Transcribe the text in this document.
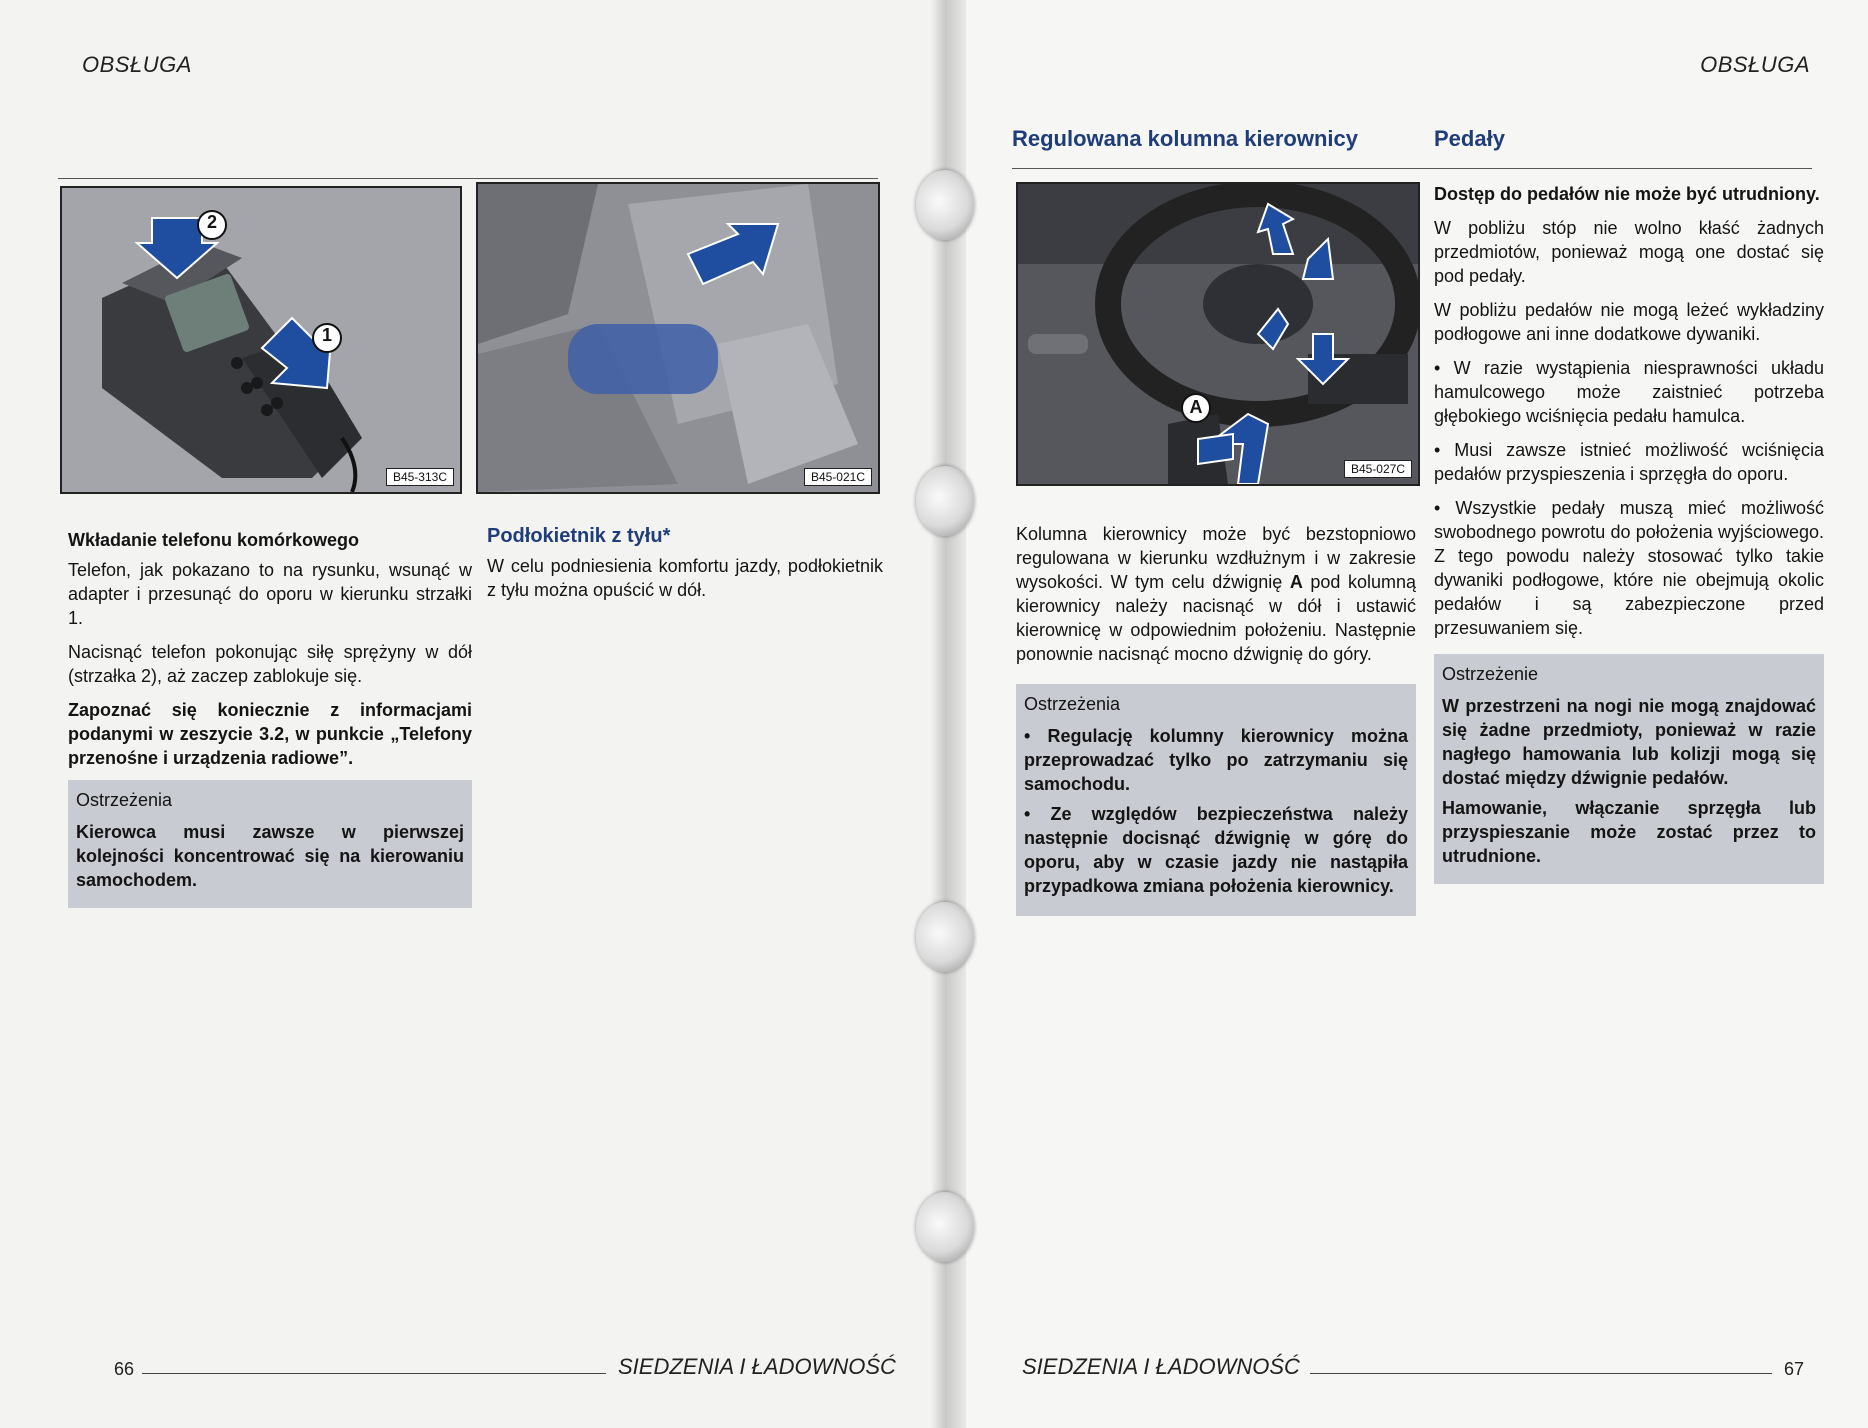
OBSŁUGA
2
1
B45-313C	B45-021C
Wkładanie telefonu komórkowego

Telefon, jak pokazano to na rysunku, wsunąć w adapter i przesunąć do oporu w kierunku strzałki 1.

Nacisnąć telefon pokonując siłę sprężyny w dół (strzałka 2), aż zaczep zablokuje się.

Zapoznać się koniecznie z informacjami podanymi w zeszycie 3.2, w punkcie „Telefony przenośne i urządzenia radiowe”.

Ostrzeżenia

Kierowca musi zawsze w pierwszej kolejności koncentrować się na kierowaniu samochodem.

Podłokietnik z tyłu*

W celu podniesienia komfortu jazdy, podłokietnik z tyłu można opuścić w dół.

66	SIEDZENIA I ŁADOWNOŚĆ
OBSŁUGA
Regulowana kolumna kierownicy	Pedały
A
B45-027C

Kolumna kierownicy może być bezstopniowo regulowana w kierunku wzdłużnym i w zakresie wysokości. W tym celu dźwignię A pod kolumną kierownicy należy nacisnąć w dół i ustawić kierownicę w odpowiednim położeniu. Następnie ponownie nacisnąć mocno dźwignię do góry.

Ostrzeżenia

• Regulację kolumny kierownicy można przeprowadzać tylko po zatrzymaniu się samochodu.

• Ze względów bezpieczeństwa należy następnie docisnąć dźwignię w górę do oporu, aby w czasie jazdy nie nastąpiła przypadkowa zmiana położenia kierownicy.

Dostęp do pedałów nie może być utrudniony.

W pobliżu stóp nie wolno kłaść żadnych przedmiotów, ponieważ mogą one dostać się pod pedały.

W pobliżu pedałów nie mogą leżeć wykładziny podłogowe ani inne dodatkowe dywaniki.

• W razie wystąpienia niesprawności układu hamulcowego może zaistnieć potrzeba głębokiego wciśnięcia pedału hamulca.

• Musi zawsze istnieć możliwość wciśnięcia pedałów przyspieszenia i sprzęgła do oporu.

• Wszystkie pedały muszą mieć możliwość swobodnego powrotu do położenia wyjściowego. Z tego powodu należy stosować tylko takie dywaniki podłogowe, które nie obejmują okolic pedałów i są zabezpieczone przed przesuwaniem się.

Ostrzeżenie

W przestrzeni na nogi nie mogą znajdować się żadne przedmioty, ponieważ w razie nagłego hamowania lub kolizji mogą się dostać między dźwignie pedałów.

Hamowanie, włączanie sprzęgła lub przyspieszanie może zostać przez to utrudnione.

SIEDZENIA I ŁADOWNOŚĆ	67
